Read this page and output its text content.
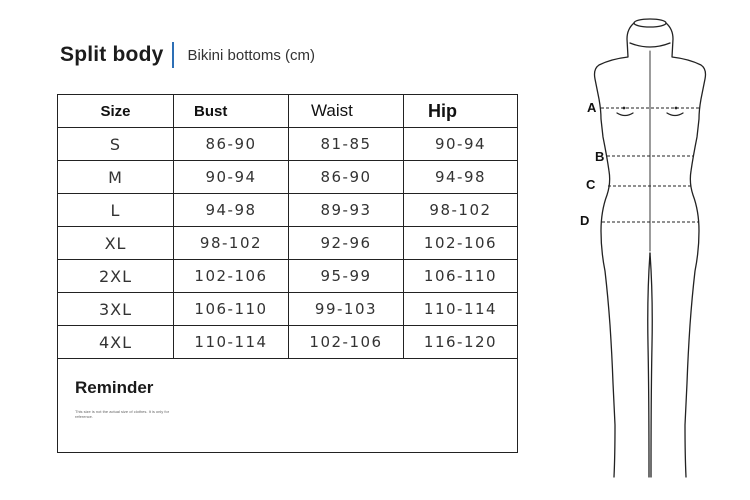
Split body Bikini bottoms (cm)
Size	Bust	Waist	Hip
S	86-90	81-85	90-94
M	90-94	86-90	94-98
L	94-98	89-93	98-102
XL	98-102	92-96	102-106
2XL	102-106	95-99	106-110
3XL	106-110	99-103	110-114
4XL	110-114	102-106	116-120
Reminder
This size is not the actual size of clothes. It is only for reference.
A
B
C
D
